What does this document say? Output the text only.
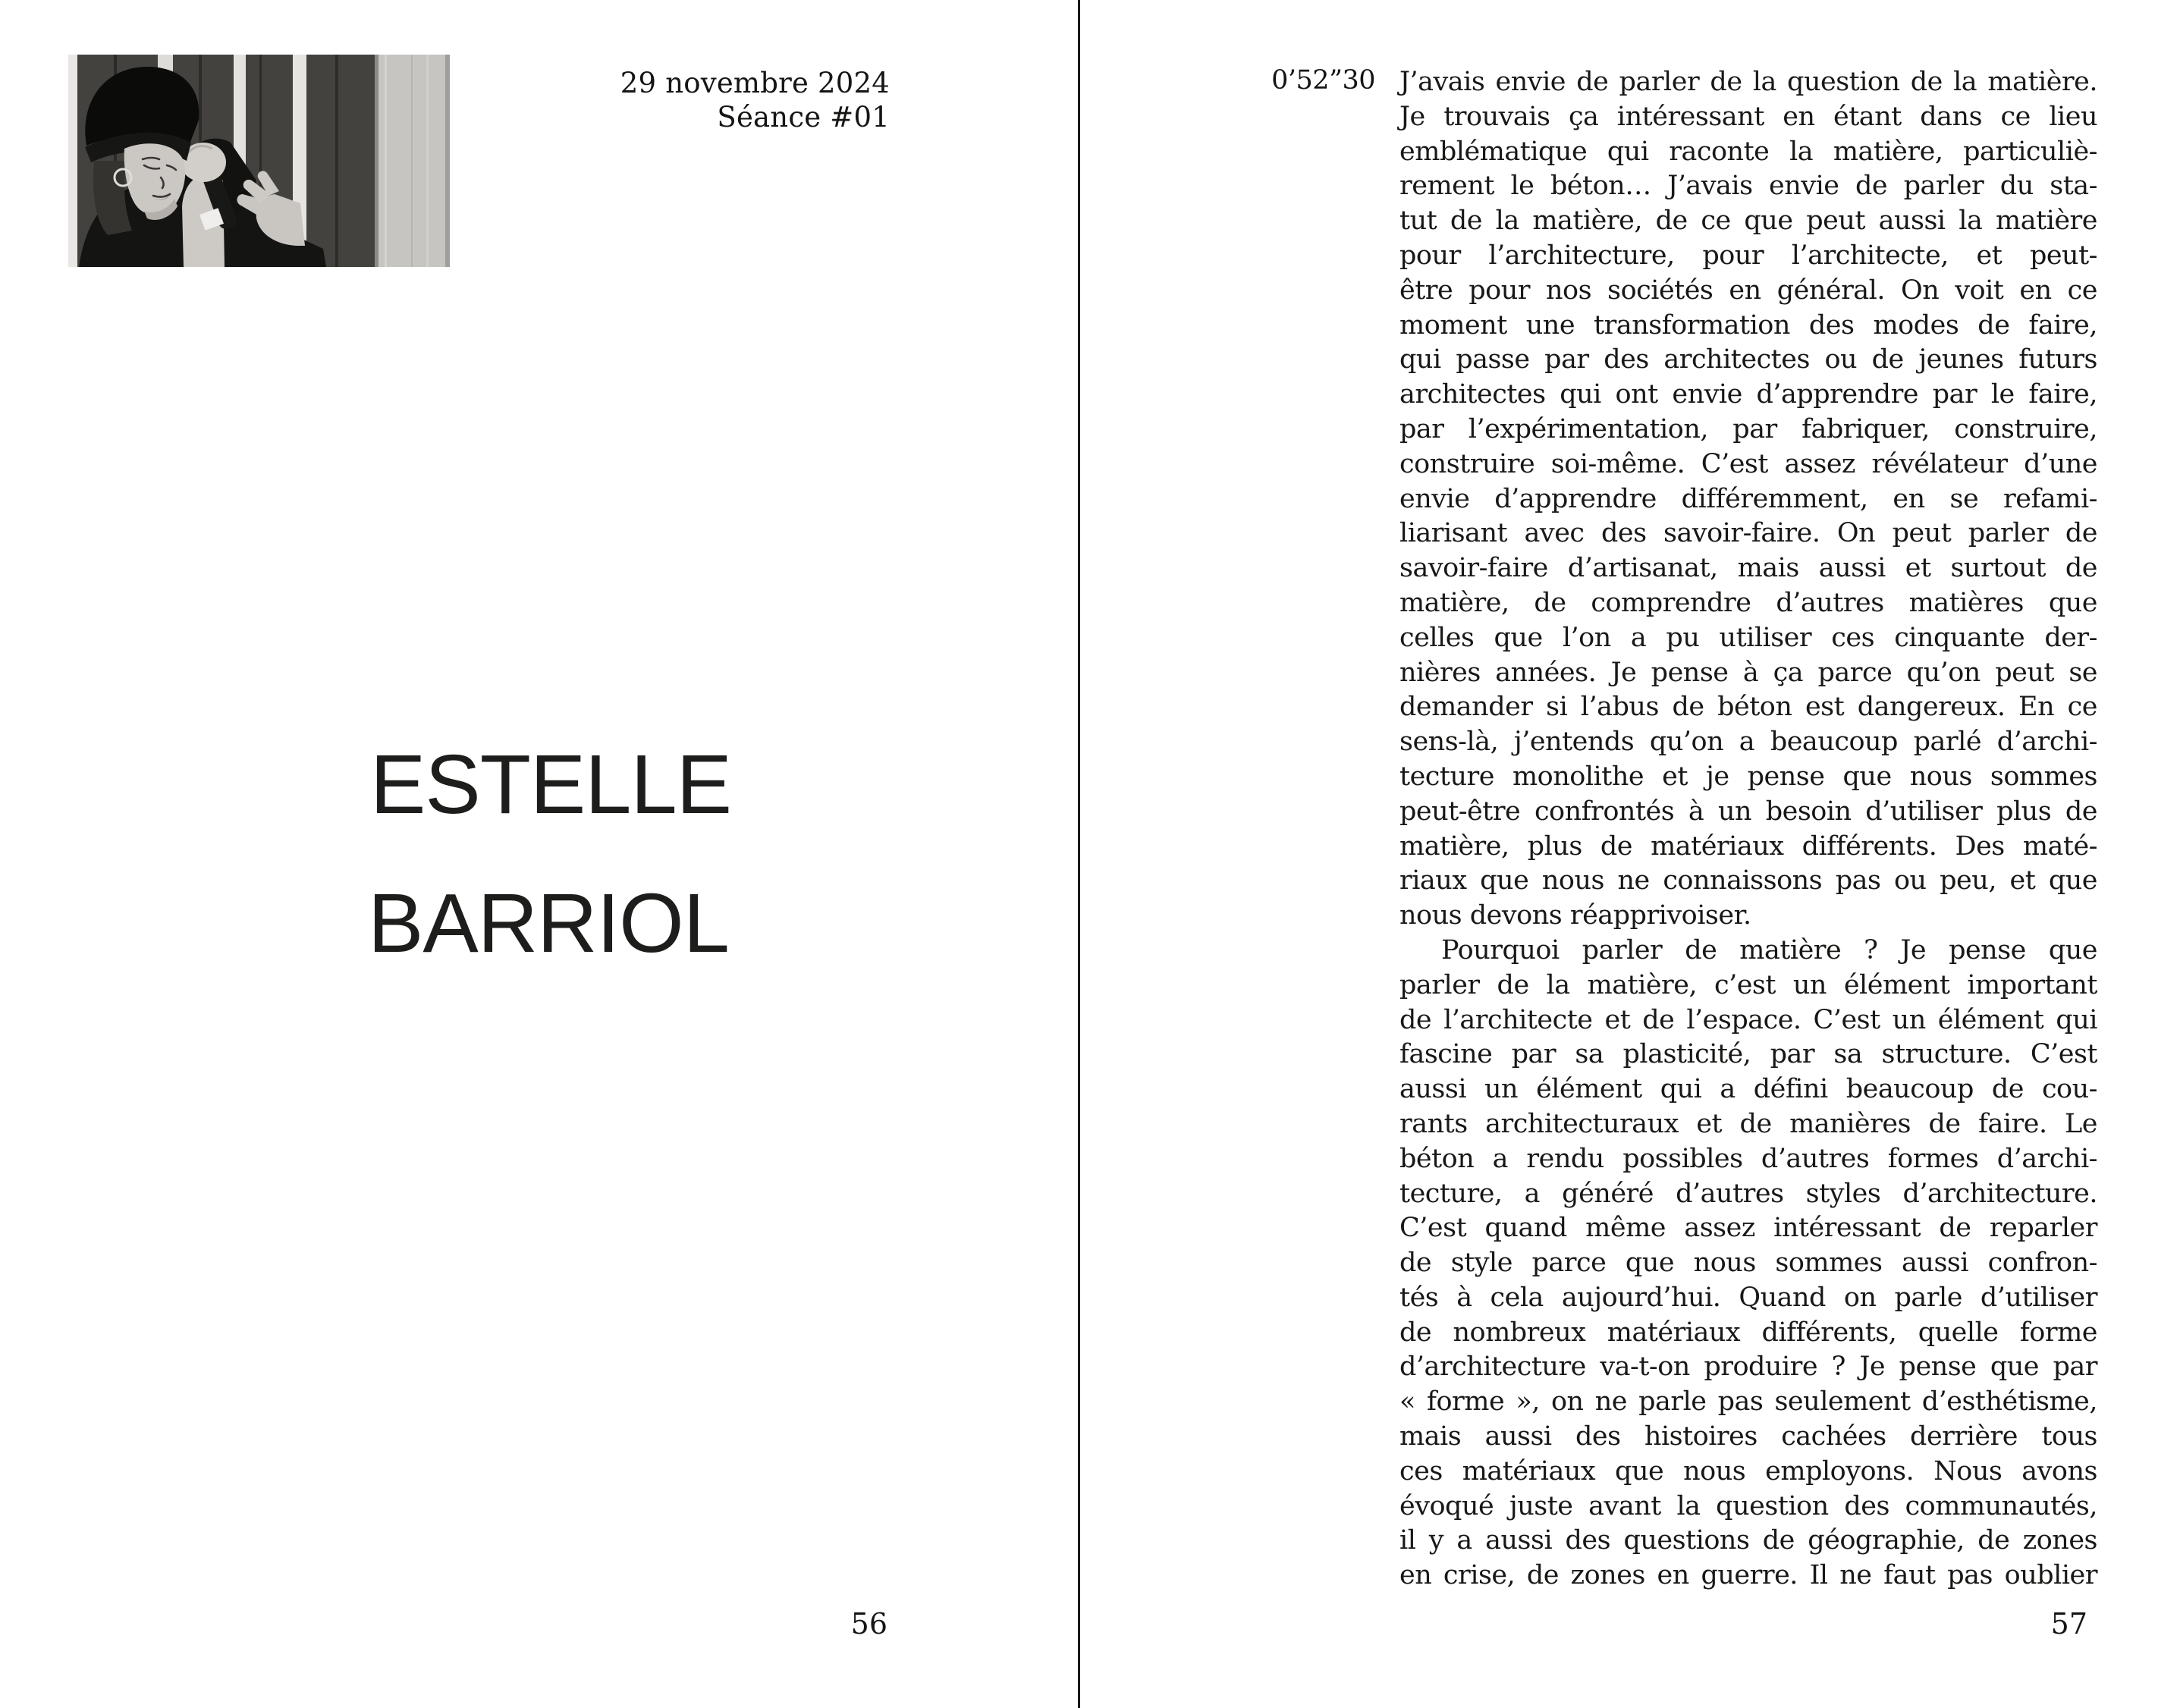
29 novembre 2024
Séance #01
ESTELLE
BARRIOL
56
0’52”30 J’avais envie de parler de la question de la matière.
Je trouvais ça intéressant en étant dans ce lieu
emblématique qui raconte la matière, particuliè-
rement le béton… J’avais envie de parler du sta-
tut de la matière, de ce que peut aussi la matière
pour l’architecture, pour l’architecte, et peut-
être pour nos sociétés en général. On voit en ce
moment une transformation des modes de faire,
qui passe par des architectes ou de jeunes futurs
architectes qui ont envie d’apprendre par le faire,
par l’expérimentation, par fabriquer, construire,
construire soi-même. C’est assez révélateur d’une
envie d’apprendre différemment, en se refami-
liarisant avec des savoir-faire. On peut parler de
savoir-faire d’artisanat, mais aussi et surtout de
matière, de comprendre d’autres matières que
celles que l’on a pu utiliser ces cinquante der-
nières années. Je pense à ça parce qu’on peut se
demander si l’abus de béton est dangereux. En ce
sens-là, j’entends qu’on a beaucoup parlé d’archi-
tecture monolithe et je pense que nous sommes
peut-être confrontés à un besoin d’utiliser plus de
matière, plus de matériaux différents. Des maté-
riaux que nous ne connaissons pas ou peu, et que
nous devons réapprivoiser.
Pourquoi parler de matière ? Je pense que
parler de la matière, c’est un élément important
de l’architecte et de l’espace. C’est un élément qui
fascine par sa plasticité, par sa structure. C’est
aussi un élément qui a défini beaucoup de cou-
rants architecturaux et de manières de faire. Le
béton a rendu possibles d’autres formes d’archi-
tecture, a généré d’autres styles d’architecture.
C’est quand même assez intéressant de reparler
de style parce que nous sommes aussi confron-
tés à cela aujourd’hui. Quand on parle d’utiliser
de nombreux matériaux différents, quelle forme
d’architecture va-t-on produire ? Je pense que par
« forme », on ne parle pas seulement d’esthétisme,
mais aussi des histoires cachées derrière tous
ces matériaux que nous employons. Nous avons
évoqué juste avant la question des communautés,
il y a aussi des questions de géographie, de zones
en crise, de zones en guerre. Il ne faut pas oublier
57
